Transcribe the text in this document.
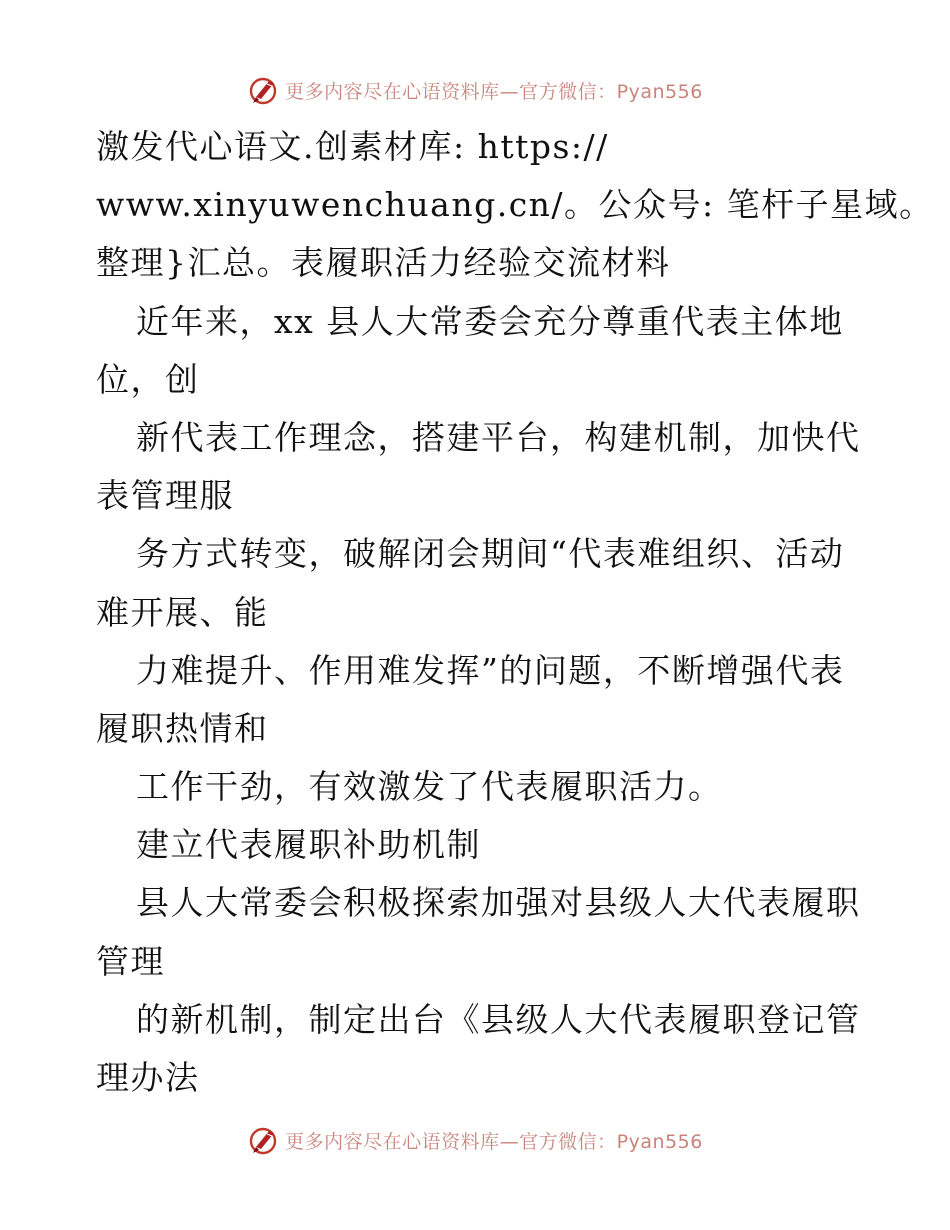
更多内容尽在心语资料库—官方微信：Pyan556
激发代心语文.创素材库: https://
www.xinyuwenchuang.cn/。公众号: 笔杆子星域。
整理}汇总。表履职活力经验交流材料
近年来，xx 县人大常委会充分尊重代表主体地
位，创
新代表工作理念，搭建平台，构建机制，加快代
表管理服
务方式转变，破解闭会期间“代表难组织、活动
难开展、能
力难提升、作用难发挥”的问题，不断增强代表
履职热情和
工作干劲，有效激发了代表履职活力。
建立代表履职补助机制
县人大常委会积极探索加强对县级人大代表履职
管理
的新机制，制定出台《县级人大代表履职登记管
理办法
更多内容尽在心语资料库—官方微信：Pyan556
